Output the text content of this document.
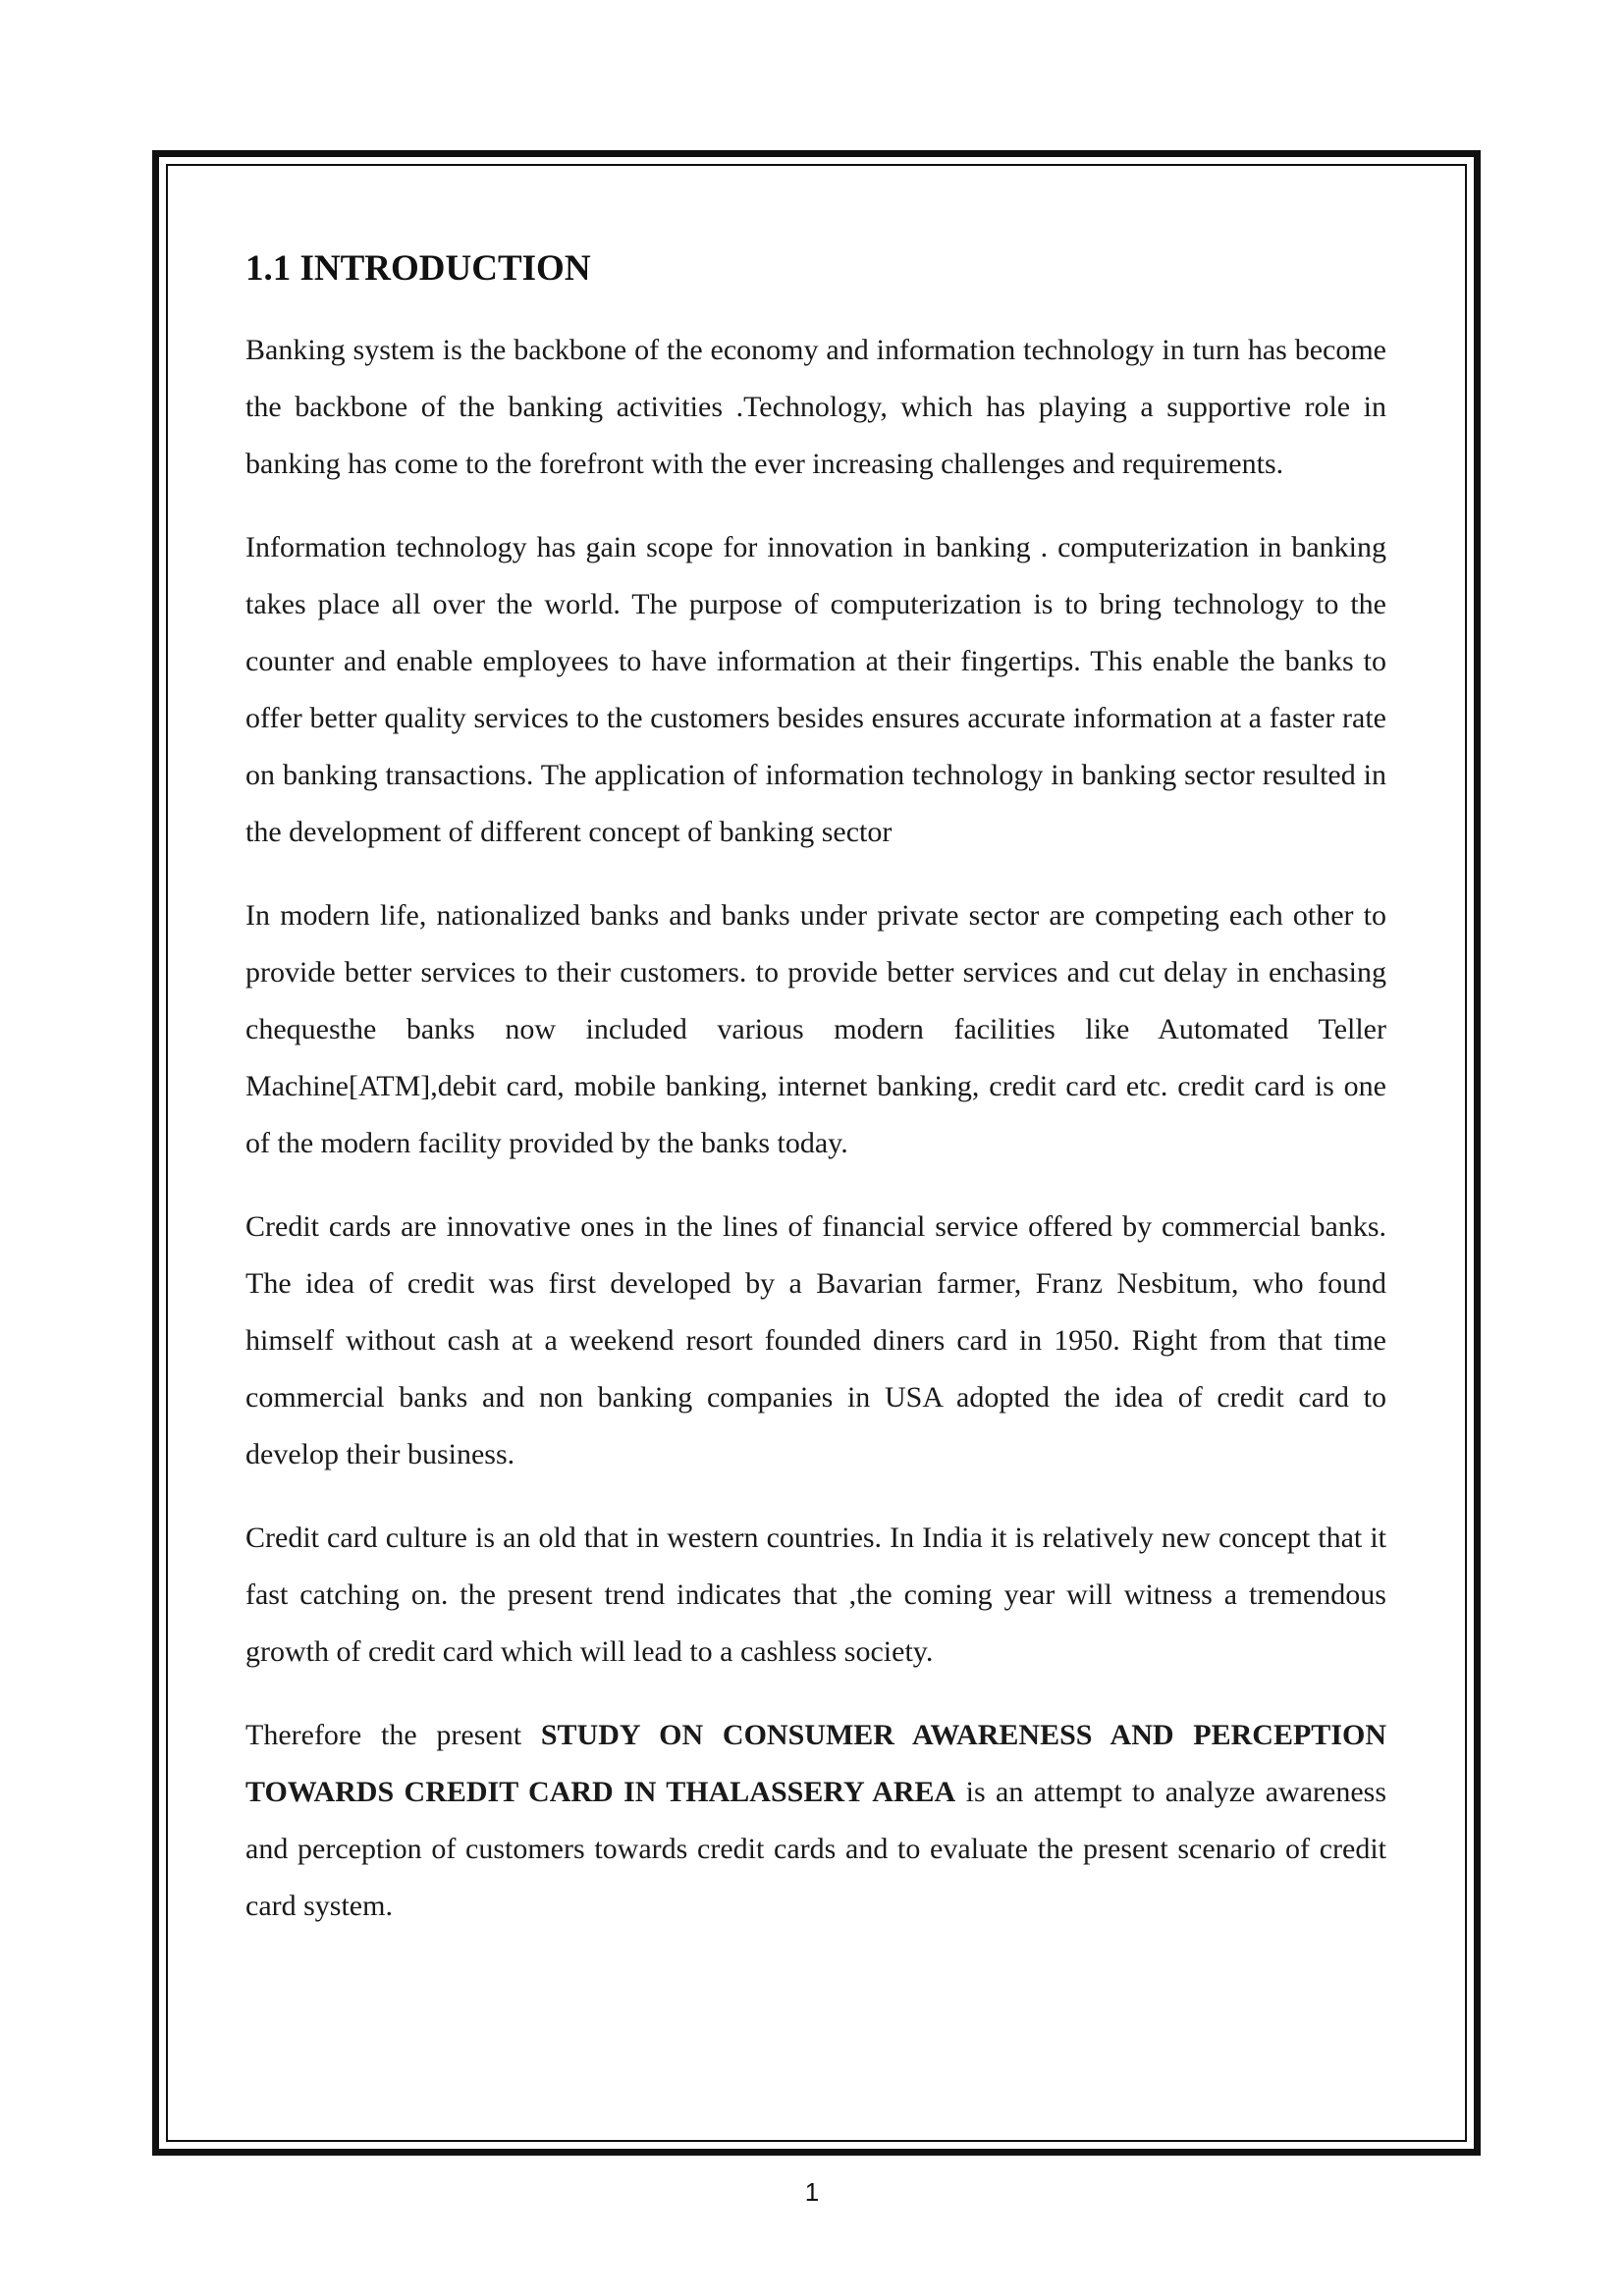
1.1 INTRODUCTION

Banking system is the backbone of the economy and information technology in turn has become the backbone of the banking activities .Technology, which has playing a supportive role in banking has come to the forefront with the ever increasing challenges and requirements.

Information technology has gain scope for innovation in banking . computerization in banking takes place all over the world. The purpose of computerization is to bring technology to the counter and enable employees to have information at their fingertips. This enable the banks to offer better quality services to the customers besides ensures accurate information at a faster rate on banking transactions. The application of information technology in banking sector resulted in the development of different concept of banking sector

In modern life, nationalized banks and banks under private sector are competing each other to provide better services to their customers. to provide better services and cut delay in enchasing chequesthe banks now included various modern facilities like Automated Teller Machine[ATM],debit card, mobile banking, internet banking, credit card etc. credit card is one of the modern facility provided by the banks today.

Credit cards are innovative ones in the lines of financial service offered by commercial banks. The idea of credit was first developed by a Bavarian farmer, Franz Nesbitum, who found himself without cash at a weekend resort founded diners card in 1950. Right from that time commercial banks and non banking companies in USA adopted the idea of credit card to develop their business.

Credit card culture is an old that in western countries. In India it is relatively new concept that it fast catching on. the present trend indicates that ,the coming year will witness a tremendous growth of credit card which will lead to a cashless society.

Therefore the present STUDY ON CONSUMER AWARENESS AND PERCEPTION TOWARDS CREDIT CARD IN THALASSERY AREA is an attempt to analyze awareness and perception of customers towards credit cards and to evaluate the present scenario of credit card system.

1
